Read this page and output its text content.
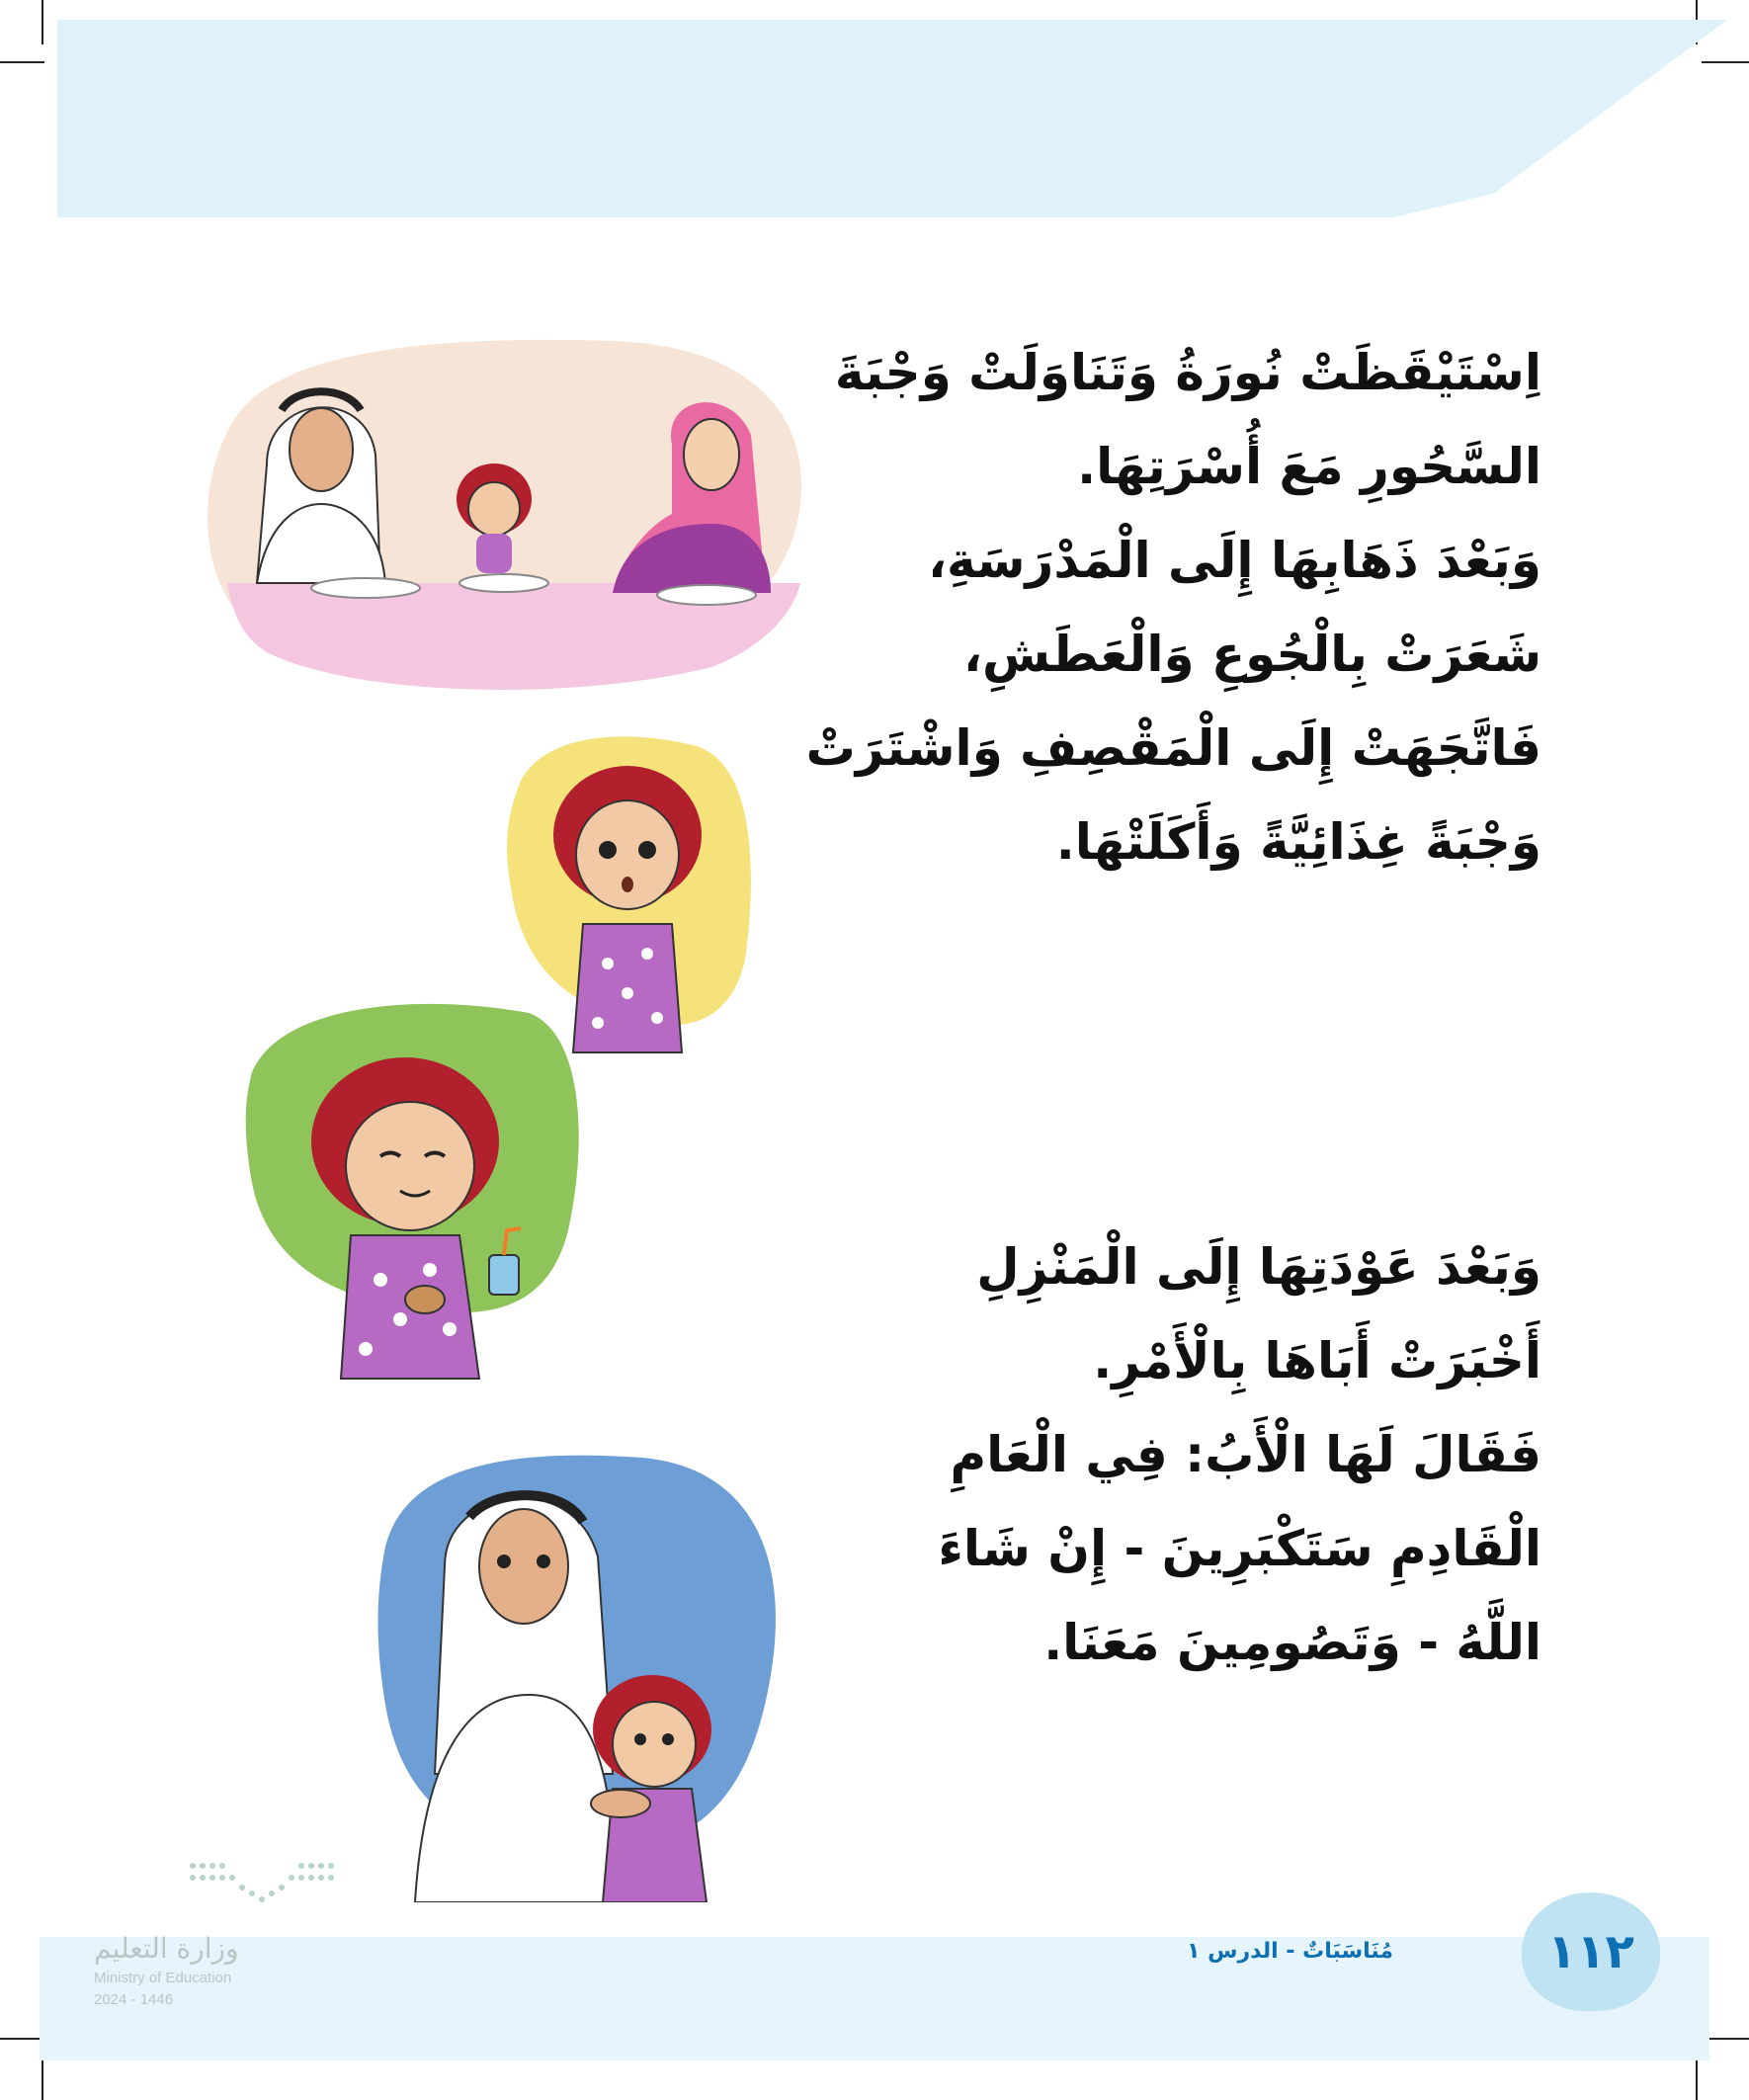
اِسْتَيْقَظَتْ نُورَةُ وَتَنَاوَلَتْ وَجْبَةَ
السَّحُورِ مَعَ أُسْرَتِهَا.
وَبَعْدَ ذَهَابِهَا إِلَى الْمَدْرَسَةِ،
شَعَرَتْ بِالْجُوعِ وَالْعَطَشِ،
فَاتَّجَهَتْ إِلَى الْمَقْصِفِ وَاشْتَرَتْ
وَجْبَةً غِذَائِيَّةً وَأَكَلَتْهَا.
وَبَعْدَ عَوْدَتِهَا إِلَى الْمَنْزِلِ
أَخْبَرَتْ أَبَاهَا بِالْأَمْرِ.
فَقَالَ لَهَا الْأَبُ: فِي الْعَامِ
الْقَادِمِ سَتَكْبَرِينَ - إِنْ شَاءَ
اللَّهُ - وَتَصُومِينَ مَعَنَا.
١١٢
مُنَاسَبَاتٌ - الدرس ١
وزارة التعليم
Ministry of Education
2024 - 1446
